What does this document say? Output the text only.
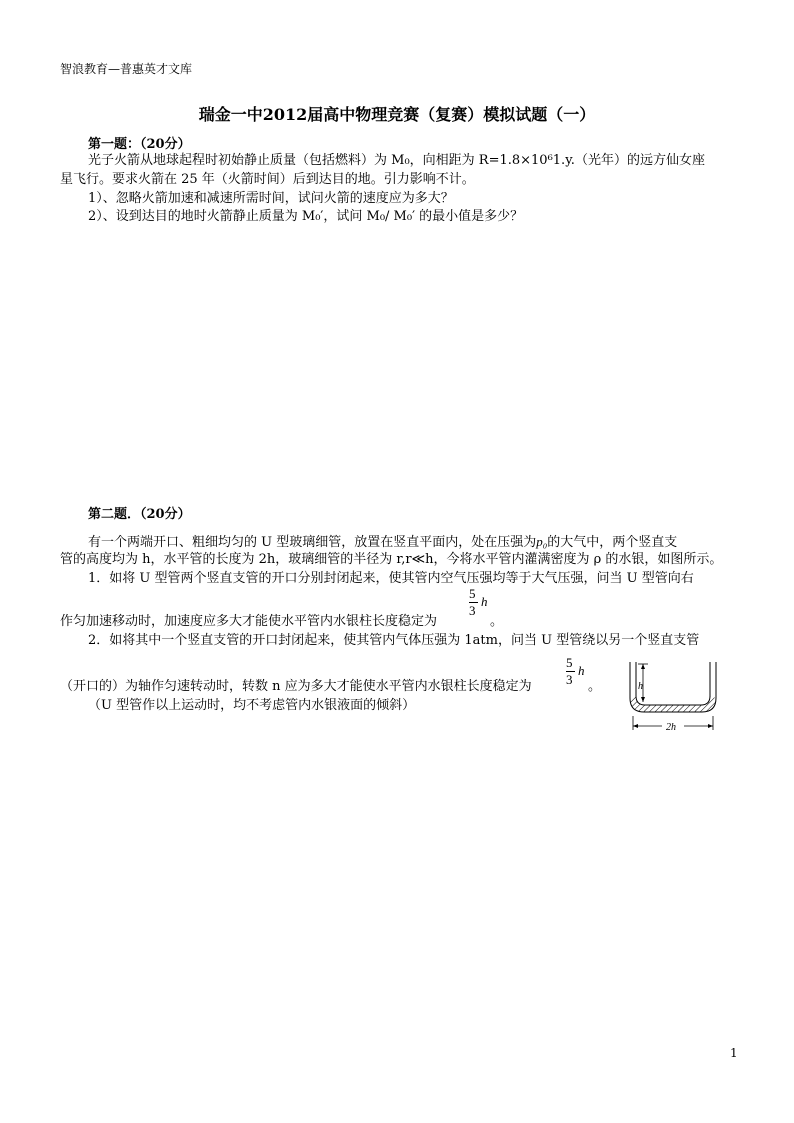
智浪教育—普惠英才文库
瑞金一中2012届高中物理竞赛（复赛）模拟试题（一）
第一题：（20分）
光子火箭从地球起程时初始静止质量（包括燃料）为 M₀，向相距为 R=1.8×10⁶1.y.（光年）的远方仙女座
星飞行。要求火箭在 25 年（火箭时间）后到达目的地。引力影响不计。
1）、忽略火箭加速和减速所需时间，试问火箭的速度应为多大？
2）、设到达目的地时火箭静止质量为 M₀′，试问 M₀/ M₀′ 的最小值是多少？
第二题．（20分）
有一个两端开口、粗细均匀的 U 型玻璃细管，放置在竖直平面内，处在压强为p₀的大气中，两个竖直支
管的高度均为 h，水平管的长度为 2h，玻璃细管的半径为 r,r≪h，今将水平管内灌满密度为 ρ 的水银，如图所示。
1．如将 U 型管两个竖直支管的开口分别封闭起来，使其管内空气压强均等于大气压强，问当 U 型管向右
5
3
h
作匀加速移动时，加速度应多大才能使水平管内水银柱长度稳定为	。
2．如将其中一个竖直支管的开口封闭起来，使其管内气体压强为 1atm，问当 U 型管绕以另一个竖直支管
5
3
h
（开口的）为轴作匀速转动时，转数 n 应为多大才能使水平管内水银柱长度稳定为	。
（U 型管作以上运动时，均不考虑管内水银液面的倾斜）
h
2h
1
